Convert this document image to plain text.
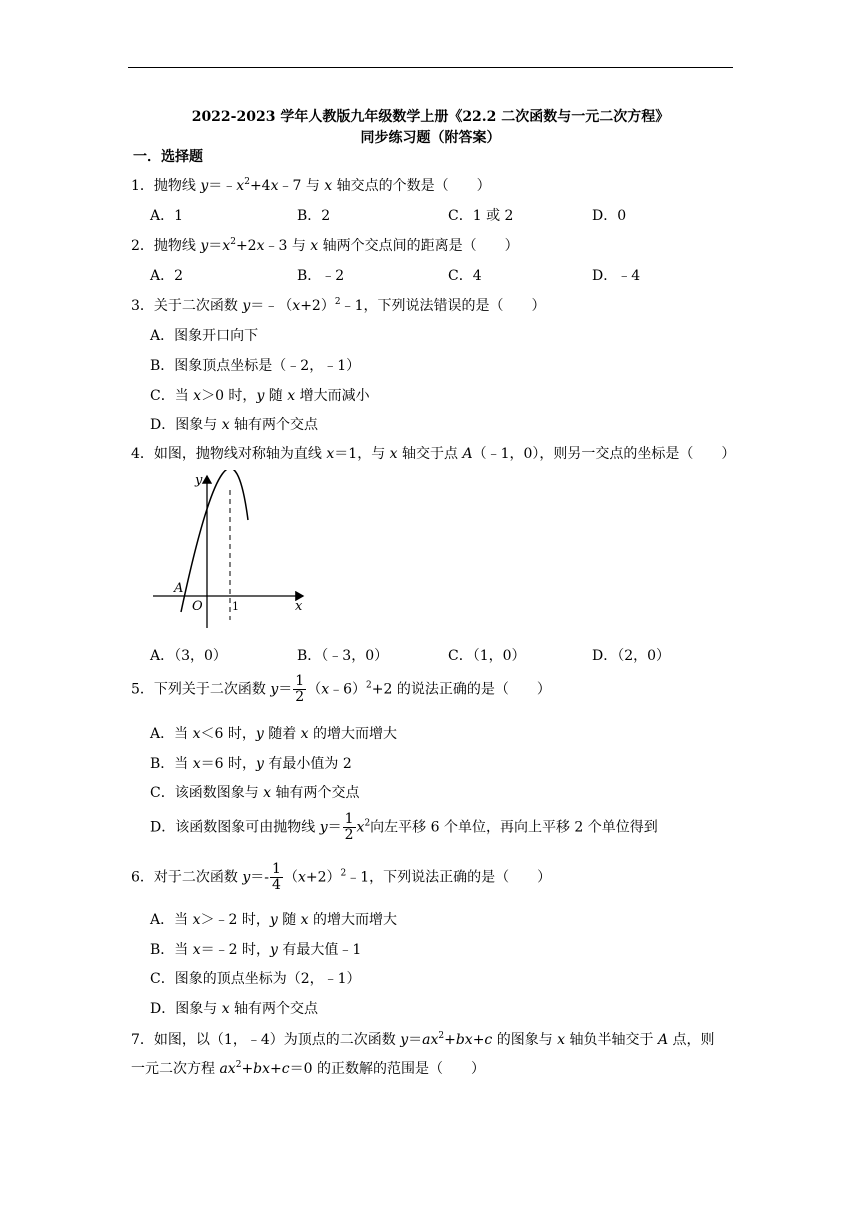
2022-2023 学年人教版九年级数学上册《22.2 二次函数与一元二次方程》
同步练习题（附答案）
一．选择题
1．抛物线 $y=﹣x^2+4x﹣7$ 与 x 轴交点的个数是（　　）
A．1	B．2	C．1 或 2	D．0
2．抛物线 $y=x^2+2x﹣3$ 与 x 轴两个交点间的距离是（　　）
A．2	B．﹣2	C．4	D．﹣4
3．关于二次函数 $y=﹣(x+2)^2﹣1$，下列说法错误的是（　　）
A．图象开口向下
B．图象顶点坐标是（﹣2，﹣1）
C．当 x＞0 时，y 随 x 增大而减小
D．图象与 x 轴有两个交点
4．如图，抛物线对称轴为直线 x＝1，与 x 轴交于点 A（﹣1，0），则另一交点的坐标是（　　）
y
x
O
A
1
A．（3，0）	B．（﹣3，0）	C．（1，0）	D．（2，0）
5．下列关于二次函数 $y= \frac{1}{2}$ （x﹣6）$^2$+2 的说法正确的是（　　）
A．当 x＜6 时，y 随着 x 的增大而增大
B．当 x＝6 时，y 有最小值为 2
C．该函数图象与 x 轴有两个交点
D．该函数图象可由抛物线 $y= \frac{1}{2} x^2$向左平移 6 个单位，再向上平移 2 个单位得到
6．对于二次函数 $y=- \frac{1}{4}$ $(x+2)^2﹣1$，下列说法正确的是（　　）
A．当 x＞﹣2 时，y 随 x 的增大而增大
B．当 x＝﹣2 时，y 有最大值﹣1
C．图象的顶点坐标为（2，﹣1）
D．图象与 x 轴有两个交点
7．如图，以（1，﹣4）为顶点的二次函数 $y=ax^2+bx+c$ 的图象与 x 轴负半轴交于 A 点，则
一元二次方程 $ax^2+bx+c=0$ 的正数解的范围是（　　）
